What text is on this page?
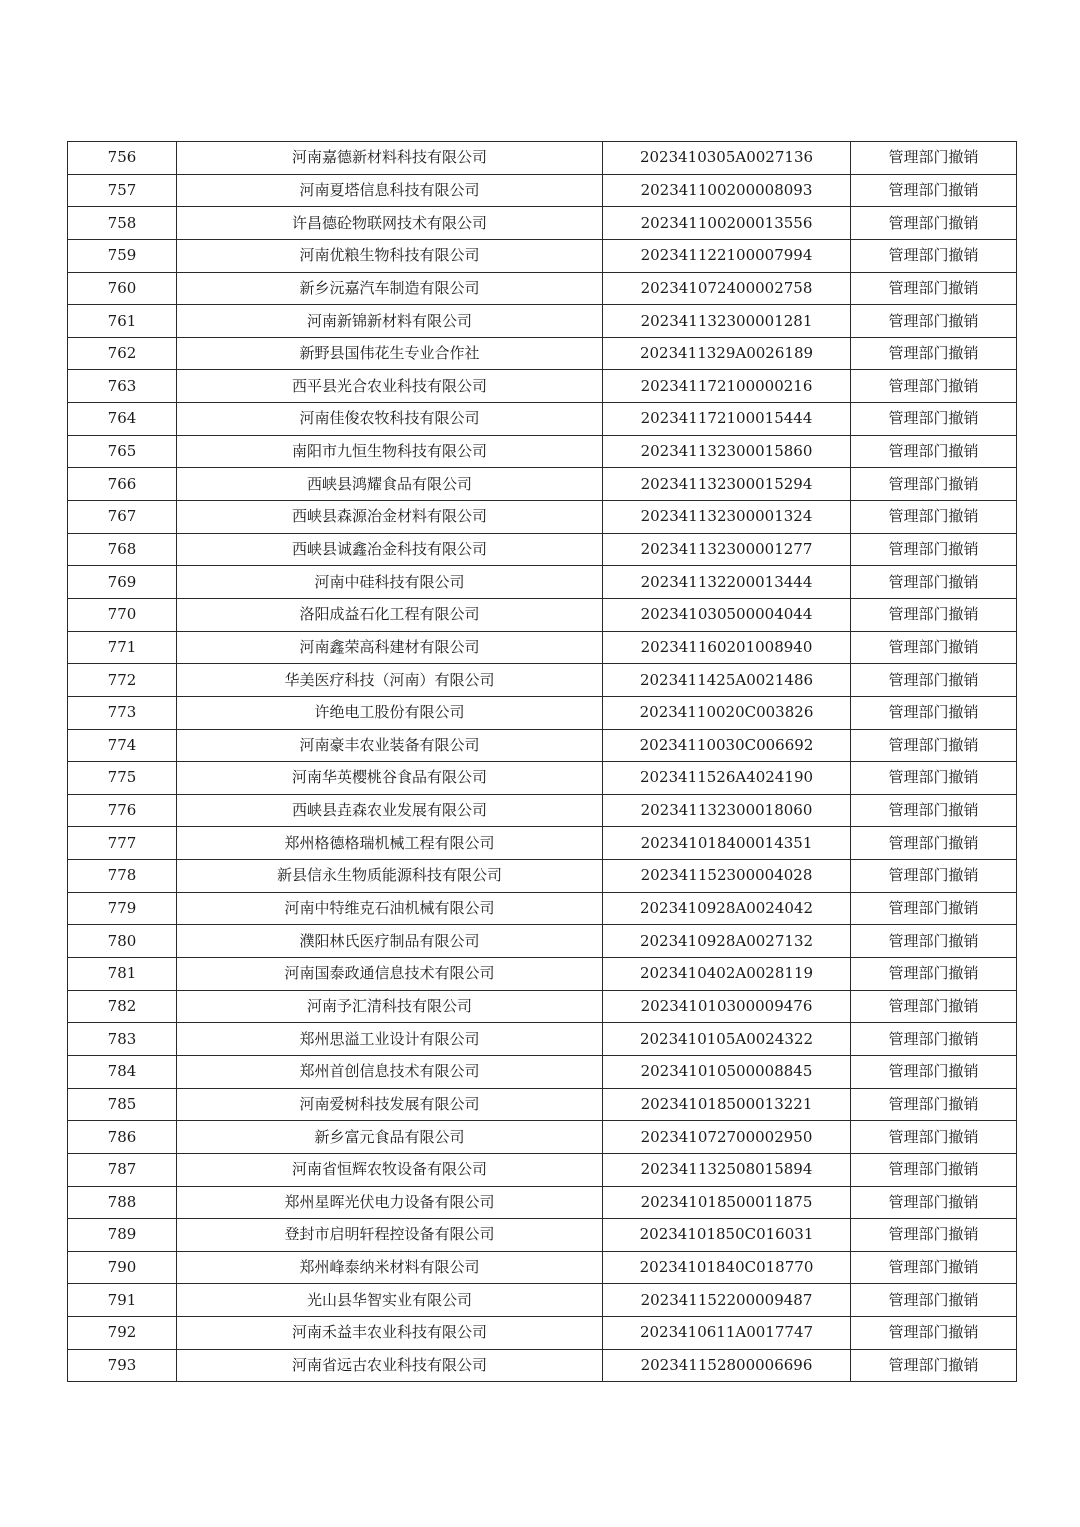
756	河南嘉德新材料科技有限公司	2023410305A0027136	管理部门撤销
757	河南夏塔信息科技有限公司	202341100200008093	管理部门撤销
758	许昌德砼物联网技术有限公司	202341100200013556	管理部门撤销
759	河南优粮生物科技有限公司	202341122100007994	管理部门撤销
760	新乡沅嘉汽车制造有限公司	202341072400002758	管理部门撤销
761	河南新锦新材料有限公司	202341132300001281	管理部门撤销
762	新野县国伟花生专业合作社	2023411329A0026189	管理部门撤销
763	西平县光合农业科技有限公司	202341172100000216	管理部门撤销
764	河南佳俊农牧科技有限公司	202341172100015444	管理部门撤销
765	南阳市九恒生物科技有限公司	202341132300015860	管理部门撤销
766	西峡县鸿耀食品有限公司	202341132300015294	管理部门撤销
767	西峡县森源冶金材料有限公司	202341132300001324	管理部门撤销
768	西峡县诚鑫冶金科技有限公司	202341132300001277	管理部门撤销
769	河南中硅科技有限公司	202341132200013444	管理部门撤销
770	洛阳成益石化工程有限公司	202341030500004044	管理部门撤销
771	河南鑫荣高科建材有限公司	202341160201008940	管理部门撤销
772	华美医疗科技（河南）有限公司	2023411425A0021486	管理部门撤销
773	许绝电工股份有限公司	20234110020C003826	管理部门撤销
774	河南豪丰农业装备有限公司	20234110030C006692	管理部门撤销
775	河南华英樱桃谷食品有限公司	2023411526A4024190	管理部门撤销
776	西峡县垚森农业发展有限公司	202341132300018060	管理部门撤销
777	郑州格德格瑞机械工程有限公司	202341018400014351	管理部门撤销
778	新县信永生物质能源科技有限公司	202341152300004028	管理部门撤销
779	河南中特维克石油机械有限公司	2023410928A0024042	管理部门撤销
780	濮阳林氏医疗制品有限公司	2023410928A0027132	管理部门撤销
781	河南国泰政通信息技术有限公司	2023410402A0028119	管理部门撤销
782	河南予汇清科技有限公司	202341010300009476	管理部门撤销
783	郑州思溢工业设计有限公司	2023410105A0024322	管理部门撤销
784	郑州首创信息技术有限公司	202341010500008845	管理部门撤销
785	河南爱树科技发展有限公司	202341018500013221	管理部门撤销
786	新乡富元食品有限公司	202341072700002950	管理部门撤销
787	河南省恒辉农牧设备有限公司	202341132508015894	管理部门撤销
788	郑州星晖光伏电力设备有限公司	202341018500011875	管理部门撤销
789	登封市启明轩程控设备有限公司	20234101850C016031	管理部门撤销
790	郑州峰泰纳米材料有限公司	20234101840C018770	管理部门撤销
791	光山县华智实业有限公司	202341152200009487	管理部门撤销
792	河南禾益丰农业科技有限公司	2023410611A0017747	管理部门撤销
793	河南省远古农业科技有限公司	202341152800006696	管理部门撤销
